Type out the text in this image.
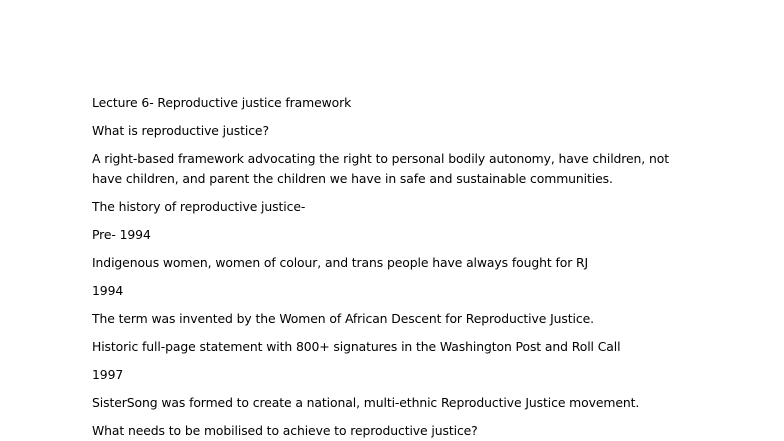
Lecture 6- Reproductive justice framework

What is reproductive justice?

A right-based framework advocating the right to personal bodily autonomy, have children, not have children, and parent the children we have in safe and sustainable communities.

The history of reproductive justice-

Pre- 1994

Indigenous women, women of colour, and trans people have always fought for RJ

1994

The term was invented by the Women of African Descent for Reproductive Justice.

Historic full-page statement with 800+ signatures in the Washington Post and Roll Call

1997

SisterSong was formed to create a national, multi-ethnic Reproductive Justice movement.

What needs to be mobilised to achieve to reproductive justice?
